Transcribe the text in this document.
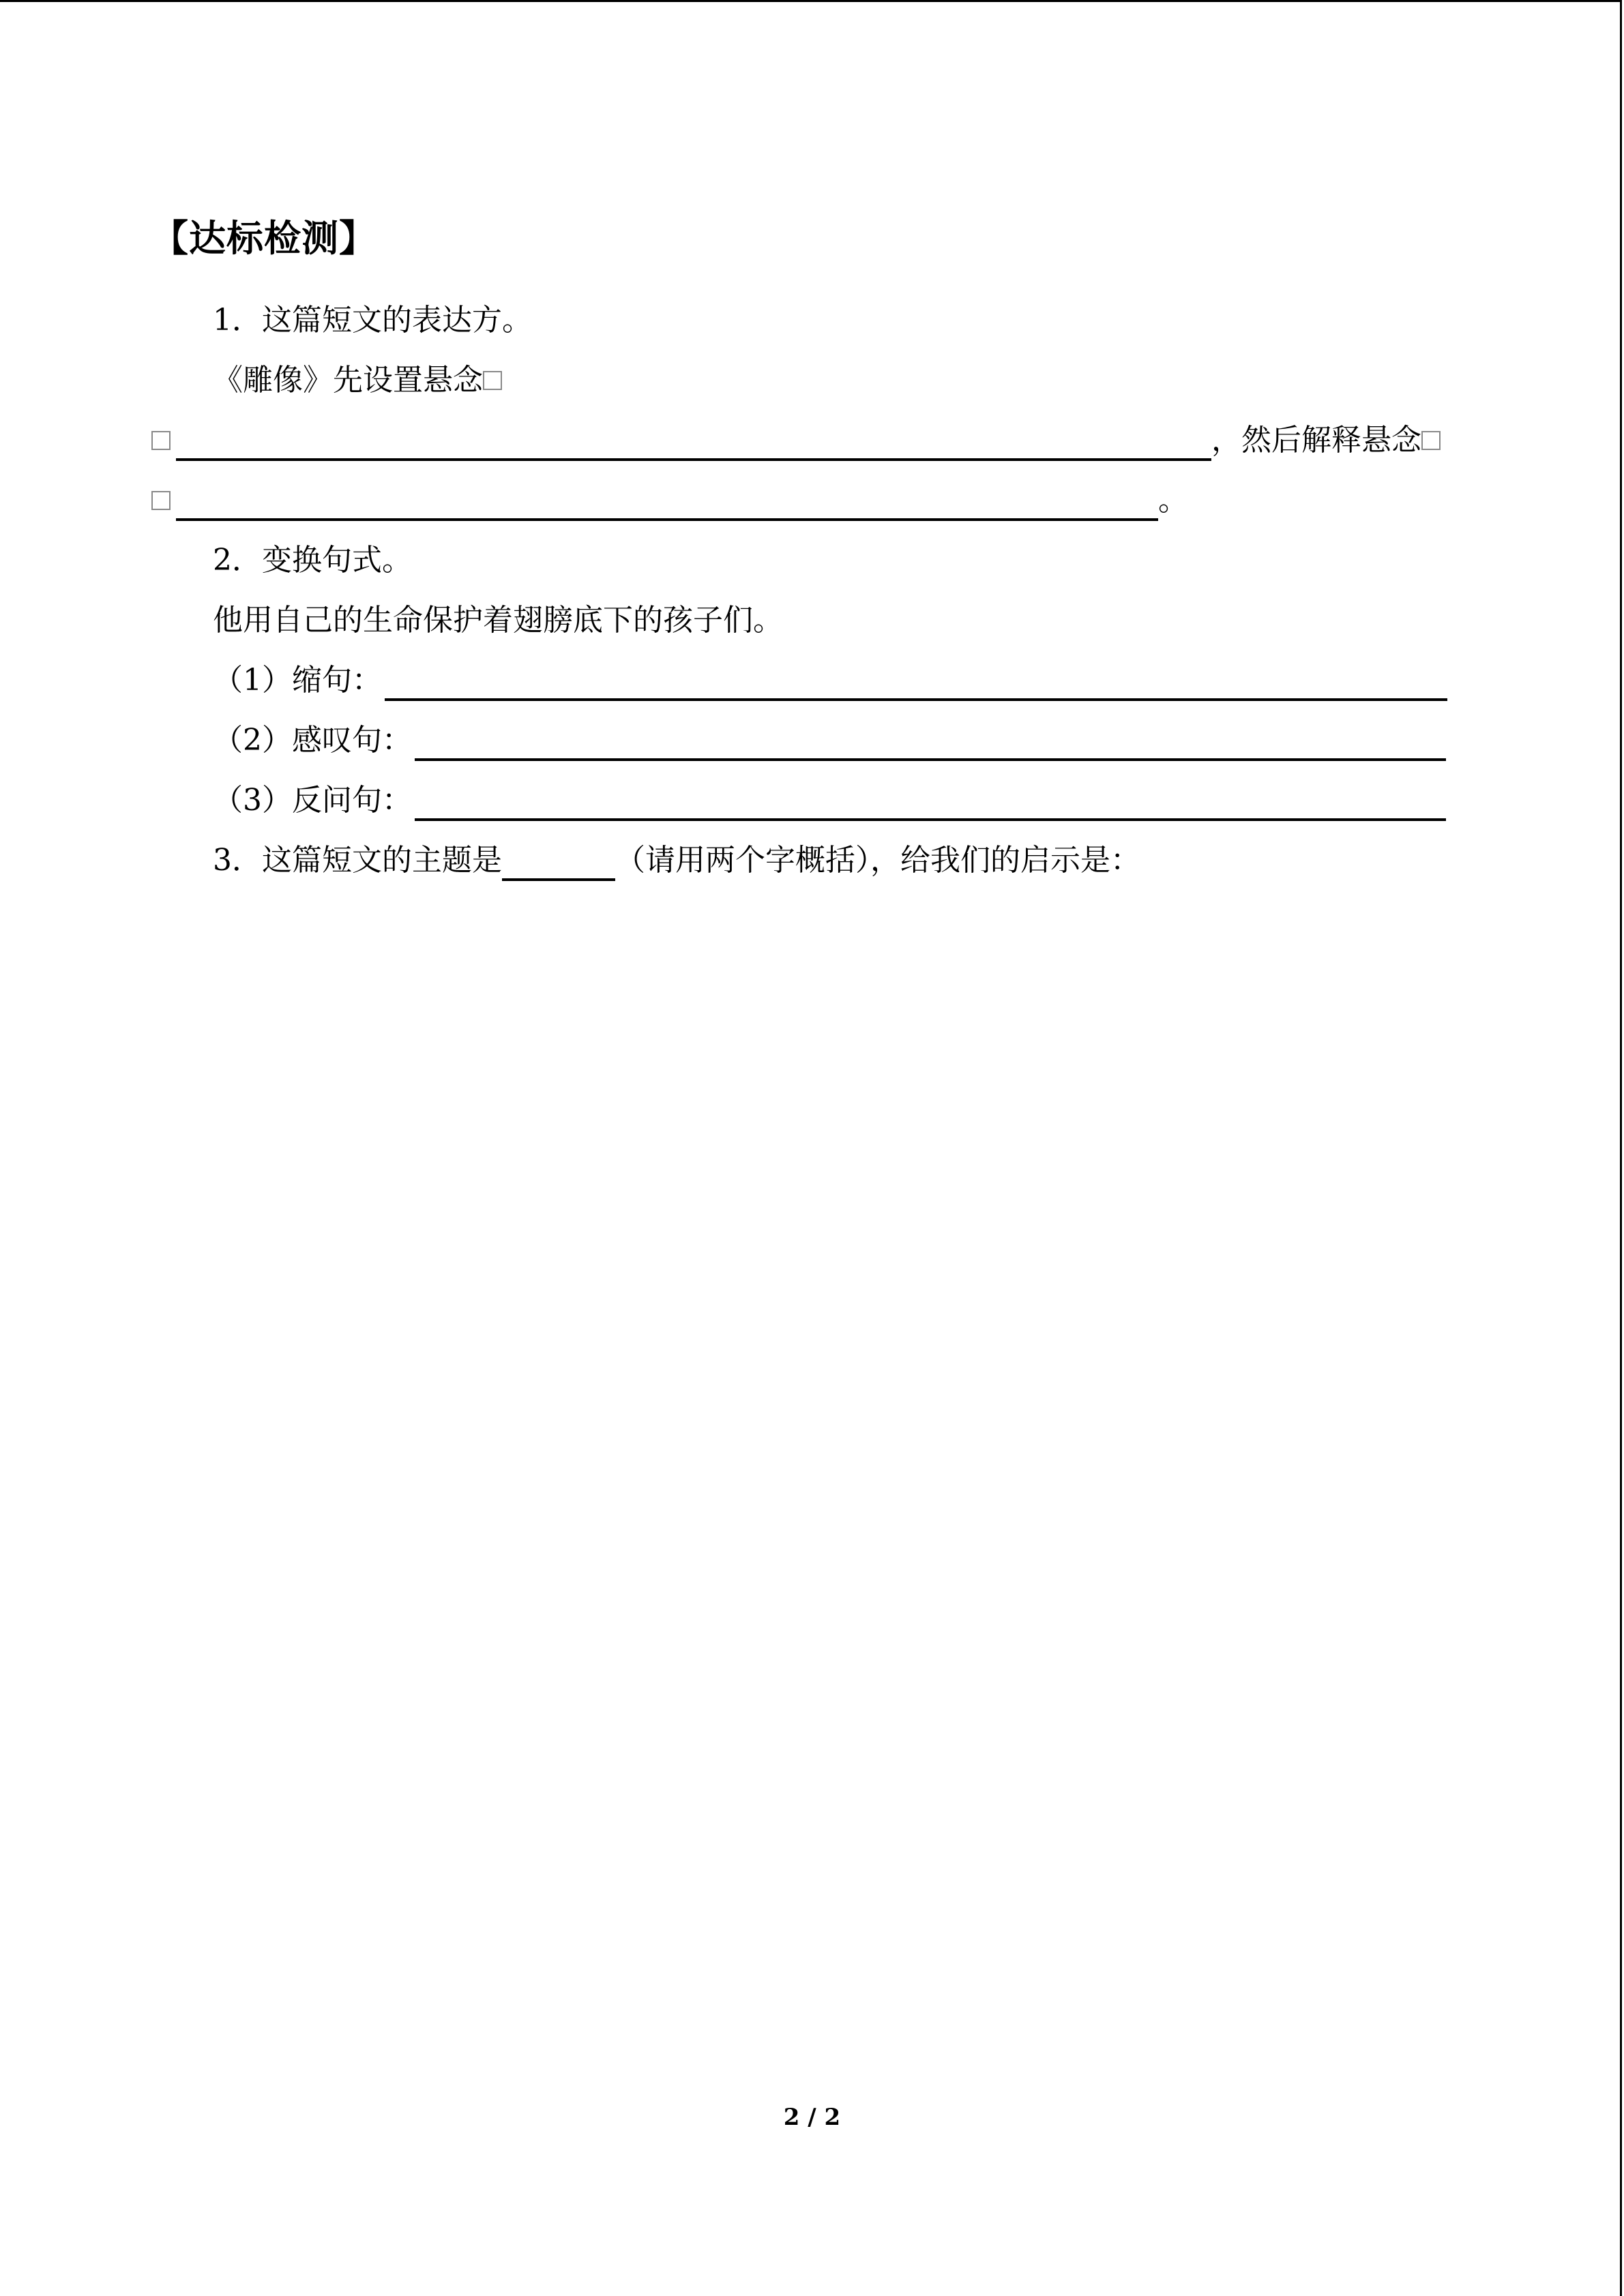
【达标检测】
1．这篇短文的表达方。
《雕像》先设置悬念
，然后解释悬念
。
2．变换句式。
他用自己的生命保护着翅膀底下的孩子们。
（1）缩句：
（2）感叹句：
（3）反问句：
3．这篇短文的主题是	（请用两个字概括），给我们的启示是：
2 / 2
